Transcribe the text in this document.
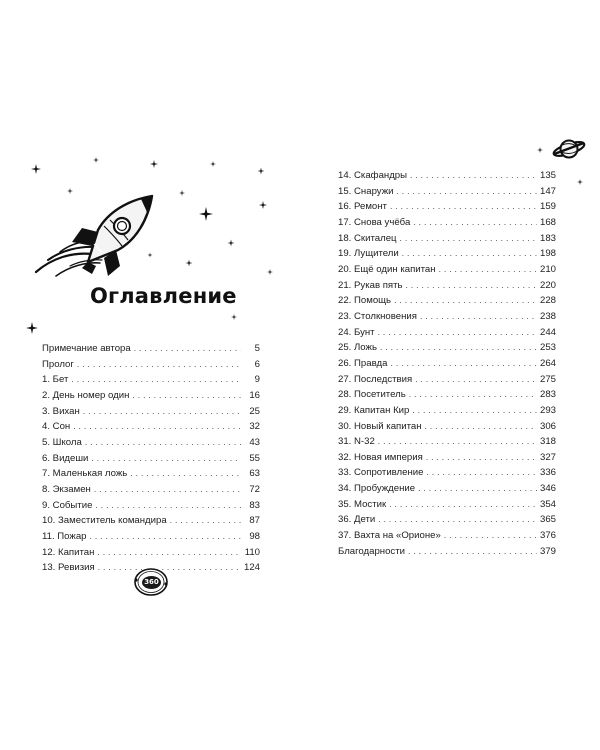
Оглавление
Примечание автора . . .	5
Пролог . . .	6
1. Бет . . .	9
2. День номер один . . .	16
3. Вихан . . .	25
4. Сон . . .	32
5. Школа . . .	43
6. Видеши . . .	55
7. Маленькая ложь . . .	63
8. Экзамен . . .	72
9. Событие . . .	83
10. Заместитель командира . . .	87
11. Пожар . . .	98
12. Капитан . . .	110
13. Ревизия . . .	124
14. Скафандры . . .	135
15. Снаружи . . .	147
16. Ремонт . . .	159
17. Снова учёба . . .	168
18. Скиталец . . .	183
19. Лущители . . .	198
20. Ещё один капитан . . .	210
21. Рукав пять . . .	220
22. Помощь . . .	228
23. Столкновения . . .	238
24. Бунт . . .	244
25. Ложь . . .	253
26. Правда . . .	264
27. Последствия . . .	275
28. Посетитель . . .	283
29. Капитан Кир . . .	293
30. Новый капитан . . .	306
31. N-32 . . .	318
32. Новая империя . . .	327
33. Сопротивление . . .	336
34. Пробуждение . . .	346
35. Мостик . . .	354
36. Дети . . .	365
37. Вахта на «Орионе» . . .	376
Благодарности . . .	379
360
